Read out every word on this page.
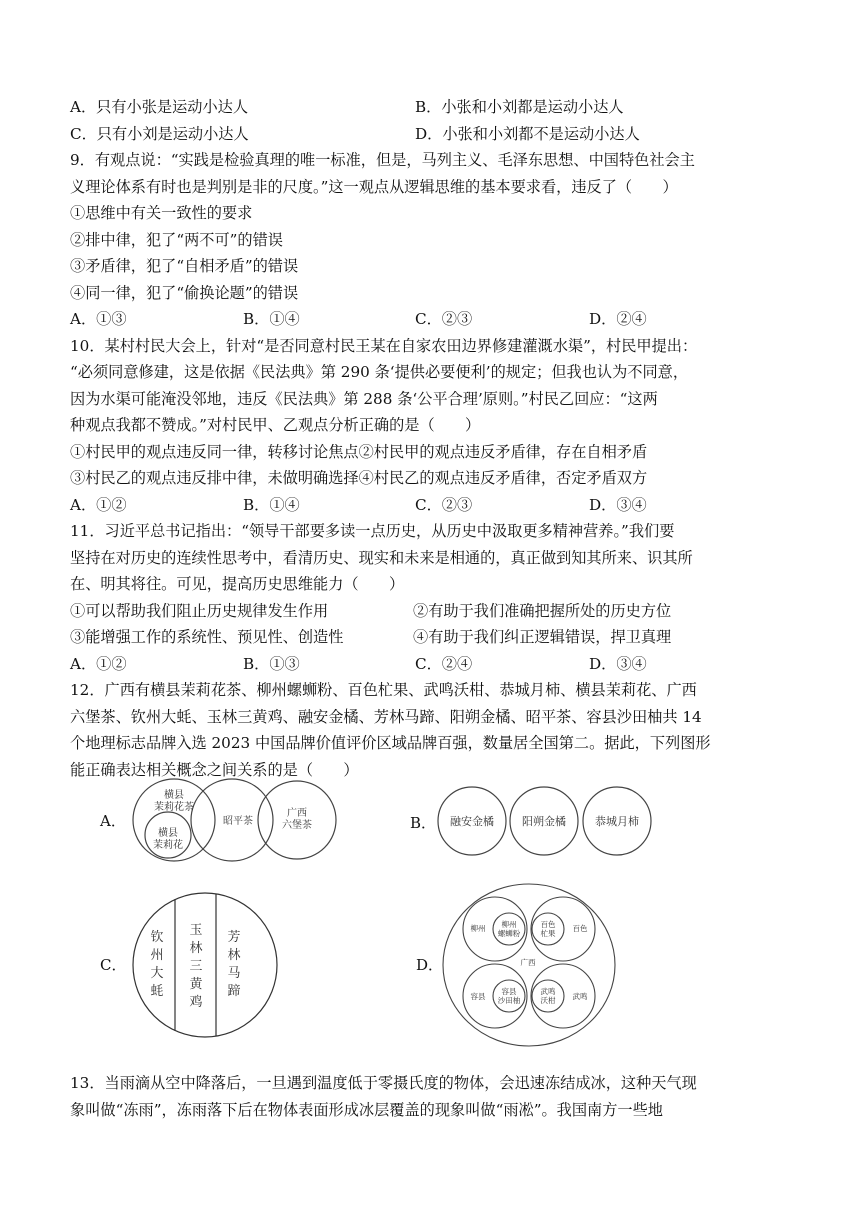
A．只有小张是运动小达人	B．小张和小刘都是运动小达人
C．只有小刘是运动小达人	D．小张和小刘都不是运动小达人
9．有观点说：“实践是检验真理的唯一标准，但是，马列主义、毛泽东思想、中国特色社会主
义理论体系有时也是判别是非的尺度。”这一观点从逻辑思维的基本要求看，违反了（　　）
①思维中有关一致性的要求
②排中律，犯了“两不可”的错误
③矛盾律，犯了“自相矛盾”的错误
④同一律，犯了“偷换论题”的错误
A．①③	B．①④	C．②③	D．②④
10．某村村民大会上，针对“是否同意村民王某在自家农田边界修建灌溉水渠”，村民甲提出：
“必须同意修建，这是依据《民法典》第 290 条‘提供必要便利’的规定；但我也认为不同意，
因为水渠可能淹没邻地，违反《民法典》第 288 条‘公平合理’原则。”村民乙回应：“这两
种观点我都不赞成。”对村民甲、乙观点分析正确的是（　　）
①村民甲的观点违反同一律，转移讨论焦点②村民甲的观点违反矛盾律，存在自相矛盾
③村民乙的观点违反排中律，未做明确选择④村民乙的观点违反矛盾律，否定矛盾双方
A．①②	B．①④	C．②③	D．③④
11．习近平总书记指出：“领导干部要多读一点历史，从历史中汲取更多精神营养。”我们要
坚持在对历史的连续性思考中，看清历史、现实和未来是相通的，真正做到知其所来、识其所
在、明其将往。可见，提高历史思维能力（　　）
①可以帮助我们阻止历史规律发生作用	②有助于我们准确把握所处的历史方位
③能增强工作的系统性、预见性、创造性	④有助于我们纠正逻辑错误，捍卫真理
A．①②	B．①③	C．②④	D．③④
12．广西有横县茉莉花茶、柳州螺蛳粉、百色杧果、武鸣沃柑、恭城月柿、横县茉莉花、广西
六堡茶、钦州大蚝、玉林三黄鸡、融安金橘、芳林马蹄、阳朔金橘、昭平茶、容县沙田柚共 14
个地理标志品牌入选 2023 中国品牌价值评价区域品牌百强，数量居全国第二。据此，下列图形
能正确表达相关概念之间关系的是（　　）
A．
横县
茉莉花茶
横县
茉莉花
昭平茶
广西
六堡茶	B． 融安金橘	阳朔金橘	恭城月柿
C．
钦
州
大
蚝
玉
林
三
黄
鸡
芳
林
马
蹄
D．	广西
柳州 柳州
螺蛳粉
百色
百色
杧果
容县
容县
沙田柚	武鸣
武鸣
沃柑
13．当雨滴从空中降落后，一旦遇到温度低于零摄氏度的物体，会迅速冻结成冰，这种天气现
象叫做“冻雨”，冻雨落下后在物体表面形成冰层覆盖的现象叫做“雨凇”。我国南方一些地
